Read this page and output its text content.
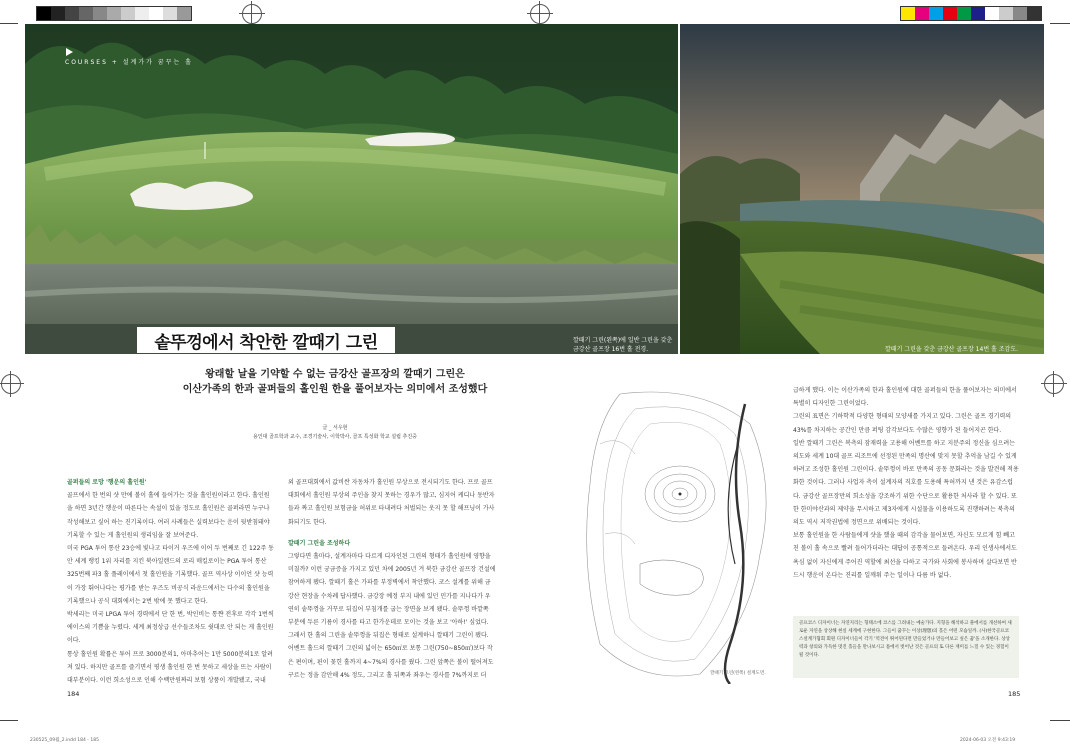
COURSES + 설계가가 꿈꾸는 홀
깔때기 그린(왼쪽)에 일반 그린을 갖춘 금강산 골프장 16번 홀 전경.	깔때기 그린을 갖춘 금강산 골프장 14번 홀 조감도.
솥뚜껑에서 착안한 깔때기 그린
왕래할 날을 기약할 수 없는 금강산 골프장의 깔때기 그린은
이산가족의 한과 골퍼들의 홀인원 한을 풀어보자는 의미에서 조성했다
글 _ 서우현
용인대 골프학과 교수, 조경기술사, 이학박사, 골프 특성화 학교 설립 추진중

골퍼들의 로망 '행운의 홀인원'

골프에서 한 번의 샷 만에 볼이 홀에 들어가는 것을 홀인원이라고 한다. 홀인원을 하면 3년간 행운이 따른다는 속설이 있을 정도로 홀인원은 골퍼라면 누구나 작성해보고 싶어 하는 진기록이다. 여러 사례들은 실력보다는 운이 뒷받침돼야 기록할 수 있는 게 홀인원의 생리임을 잘 보여준다.

미국 PGA 투어 통산 23승에 빛나고 타이거 우즈에 이어 두 번째로 긴 122주 동안 세계 랭킹 1위 자리를 지킨 북아일랜드의 로리 매킬로이는 PGA 투어 통산 325번째 파3 홀 플레이에서 첫 홀인원을 기록했다. 골프 역사상 이이언 샷 능력이 가장 뛰어나다는 평가를 받는 우즈도 비공식 라운드에서는 다수의 홀인원을 기록했으나 공식 대회에서는 2번 밖에 못 했다고 한다.

박세리는 미국 LPGA 투어 경력에서 단 한 번, 박인비는 통쨘 전후로 각각 1번씩 에이스의 기쁨을 누렸다. 세계 최정상급 선수들조차도 쉿대로 안 되는 게 홀인원이다.

통상 홀인원 확률은 투어 프로 3000분의1, 아마추어는 1만 5000분의1로 알려져 있다. 하지만 골프를 즐기면서 평생 홀인원 한 번 못하고 세상을 뜨는 사람이 대부분이다. 이런 희소성으로 인해 수백만원짜리 보험 상품이 개발됐고, 국내

외 골프대회에서 값비싼 자동차가 홀인원 부상으로 전시되기도 한다. 프로 골프대회에서 홀인원 부상의 주인을 찾지 못하는 경우가 많고, 심지어 케디나 동반자들과 짜고 홀인원 보험금을 허위로 타내려다 처벌되는 웃지 못 할 해프닝이 가사화되기도 한다.

깔때기 그린을 조성하다

그렇다면 홀마다, 설계자마다 다르게 디자인된 그린의 형태가 홀인원에 영향을 미칠까? 이런 궁금증을 가지고 있던 차에 2005년 겨 북한 금강산 골프장 건설에 참여하게 됐다. 깔때기 홀은 가파를 부정벽에서 착안했다. 코스 설계를 위해 금강산 현장을 수차례 답사했다. 금강장 예정 부지 내에 있던 민가를 지나다가 우연히 솥뚜껑을 거꾸로 뒤집어 부침개를 굽는 장면을 보게 됐다. 솥뚜껑 바깥쪽 부분에 두른 기름이 경사를 타고 한가운데로 모이는 것을 보고 '아하!' 싶었다.

그래서 한 홀의 그린을 솥뚜껑을 뒤집은 형태로 설계하니 깔때기 그린이 됐다. 어벤트 홀드의 깔때기 그린의 넓이는 650㎡로 보통 그린(750~850㎡)보다 작은 편이며, 핀이 꽂힌 홀까지 4~7%의 경사를 줬다. 그린 앞쪽은 볼이 떨어져도 구르는 정을 감안해 4% 정도, 그리고 홀 뒤쪽과 좌우는 경사를 7%까지로 더	깔때기 그린(왼쪽) 설계도면.

급하게 했다. 이는 이산가족의 한과 홀인원에 대한 골퍼들의 한을 풀어보자는 의미에서 특별히 디자인한 그린이었다.

그린의 표면은 기하학적 다양한 형태의 모양새를 가지고 있다. 그린은 골프 경기력의 43%를 차지하는 공간인 만큼 퍼팅 감각보다도 수많은 영향가 된 들어지곤 한다.

일반 깔때기 그린은 복측의 잠재력을 고용해 어벤트를 하고 지분주의 정신을 심으려는 의도와 세계 10대 골프 리조트에 선정된 만족의 명산에 맞지 못할 추억을 남길 수 있게 하려고 조성한 홀인원 그린이다. 솥뚜껑이 바로 만족의 공동 문화라는 것을 발견해 적용화한 것이다. 그러나 사업자 측이 설계자의 직호를 도용해 특허까지 낸 것은 유감스럽다. 금강산 골프장만의 희소성을 강조하기 위한 수단으로 활용한 처사라 할 수 있다. 또한 한미야산과의 제약을 무시하고 제3자에게 시설물을 이용하도록 진행하려는 북측의 의도 역시 저작권법에 정면으로 위배되는 것이다.

보통 홀인원을 한 사람들에게 샷을 했을 때의 감각을 물어보면, 자신도 모르게 힘 빼고 친 볼이 홀 속으로 빨려 들어가더라는 대답이 공통적으로 들려온다. 우리 인생사에서도 욕심 없이 자신에게 주어진 역할에 최선을 다하고 국가와 사회에 봉사하며 살다보면 반드시 행운이 온다는 진리를 일깨워 주는 일이나 다름 바 없다.

골프코스 디자이너는 자연지리는 형태소에 코스를 그려내는 예술가다. 지형을 해석하고 풀에서를 개선하여 새로운 자연을 상상해 현실 세계에 구현한다. 그들이 꿈꾸는 이상(理想)의 홀은 어떤 모습일까. (사)한국골프코스설계가협회 회원 디자이너들이 각기 '역견이 뛰어된다면 만들었거나 만들어보고 싶은 꿈'을 소개한다. 상상력과 창의와 가득한 멋진 홀들을 만나보시고 틀에서 벗어난 것은 골프의 또 다른 재미를 느낄 수 있는 경험이 될 것이다.

184	185
230525_09월_2.indd 184 - 185	2024-06-03 오전 9:43:19
